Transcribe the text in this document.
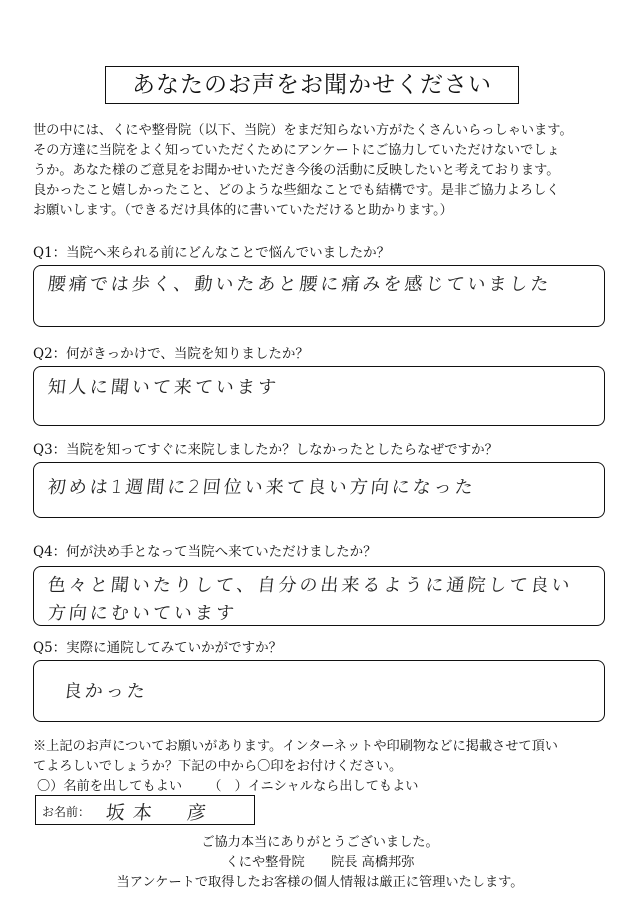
あなたのお声をお聞かせください
世の中には、くにや整骨院（以下、当院）をまだ知らない方がたくさんいらっしゃいます。
その方達に当院をよく知っていただくためにアンケートにご協力していただけないでしょ
うか。あなた様のご意見をお聞かせいただき今後の活動に反映したいと考えております。
良かったこと嬉しかったこと、どのような些細なことでも結構です。是非ご協力よろしく
お願いします。（できるだけ具体的に書いていただけると助かります。）
Q1：当院へ来られる前にどんなことで悩んでいましたか？
腰痛では歩く、動いたあと腰に痛みを感じていました
Q2：何がきっかけで、当院を知りましたか？
知人に聞いて来ています
Q3：当院を知ってすぐに来院しましたか？しなかったとしたらなぜですか？
初めは1週間に2回位い来て良い方向になった
Q4：何が決め手となって当院へ来ていただけましたか？
色々と聞いたりして、自分の出来るように通院して良い
方向にむいています
Q5：実際に通院してみていかがですか？
良かった
※上記のお声についてお願いがあります。インターネットや印刷物などに掲載させて頂い
てよろしいでしょうか？下記の中から〇印をお付けください。
〇）名前を出してもよい （　）イニシャルなら出してもよい
お名前： 坂本　彦
ご協力本当にありがとうございました。
くにや整骨院　　院長 高橋邦弥
当アンケートで取得したお客様の個人情報は厳正に管理いたします。
